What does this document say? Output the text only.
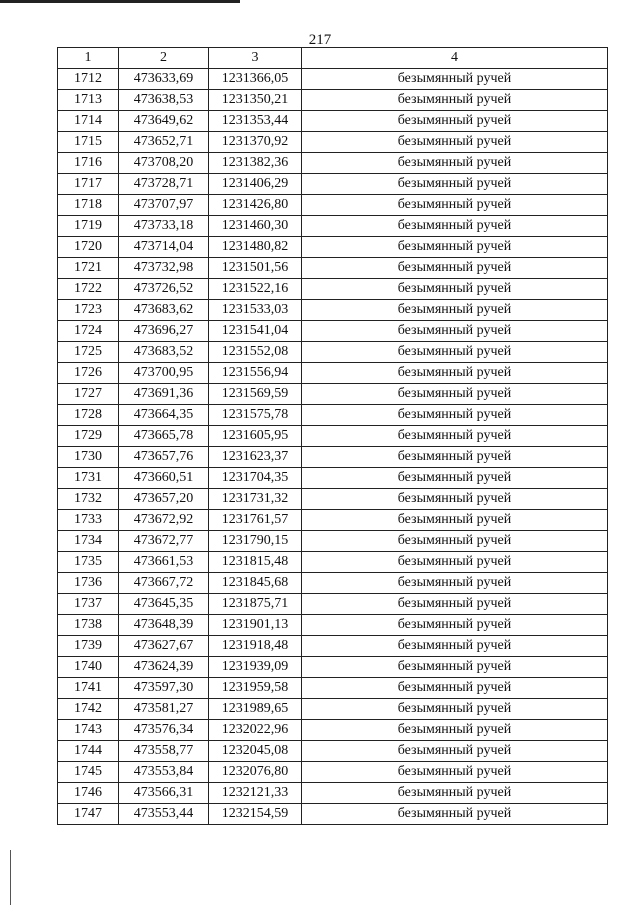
217
1	2	3	4
1712	473633,69	1231366,05	безымянный ручей
1713	473638,53	1231350,21	безымянный ручей
1714	473649,62	1231353,44	безымянный ручей
1715	473652,71	1231370,92	безымянный ручей
1716	473708,20	1231382,36	безымянный ручей
1717	473728,71	1231406,29	безымянный ручей
1718	473707,97	1231426,80	безымянный ручей
1719	473733,18	1231460,30	безымянный ручей
1720	473714,04	1231480,82	безымянный ручей
1721	473732,98	1231501,56	безымянный ручей
1722	473726,52	1231522,16	безымянный ручей
1723	473683,62	1231533,03	безымянный ручей
1724	473696,27	1231541,04	безымянный ручей
1725	473683,52	1231552,08	безымянный ручей
1726	473700,95	1231556,94	безымянный ручей
1727	473691,36	1231569,59	безымянный ручей
1728	473664,35	1231575,78	безымянный ручей
1729	473665,78	1231605,95	безымянный ручей
1730	473657,76	1231623,37	безымянный ручей
1731	473660,51	1231704,35	безымянный ручей
1732	473657,20	1231731,32	безымянный ручей
1733	473672,92	1231761,57	безымянный ручей
1734	473672,77	1231790,15	безымянный ручей
1735	473661,53	1231815,48	безымянный ручей
1736	473667,72	1231845,68	безымянный ручей
1737	473645,35	1231875,71	безымянный ручей
1738	473648,39	1231901,13	безымянный ручей
1739	473627,67	1231918,48	безымянный ручей
1740	473624,39	1231939,09	безымянный ручей
1741	473597,30	1231959,58	безымянный ручей
1742	473581,27	1231989,65	безымянный ручей
1743	473576,34	1232022,96	безымянный ручей
1744	473558,77	1232045,08	безымянный ручей
1745	473553,84	1232076,80	безымянный ручей
1746	473566,31	1232121,33	безымянный ручей
1747	473553,44	1232154,59	безымянный ручей
